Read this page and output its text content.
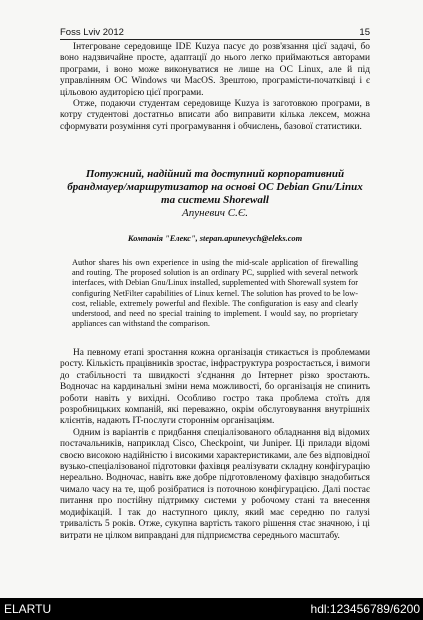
Foss Lviv 2012	15

Інтегроване середовище IDE Kuzya пасує до розв'язання цієї задачі, бо воно надзвичайне просте, адаптації до нього легко приймаються авторами програми, і воно може виконуватися не лише на ОС Linux, але й під управлінням ОС Windows чи MacOS. Зрештою, програмісти-початківці і є цільовою аудиторією цієї програми.

Отже, подаючи студентам середовище Kuzya із заготовкою програми, в котру студентові достатньо вписати або виправити кілька лексем, можна сформувати розуміння суті програмування і обчислень, базової статистики.

Потужний, надійний та доступний корпоративний брандмауер/маршрутизатор на основі ОС Debian Gnu/Linux та системи Shorewall
Апуневич С.Є.
Компанія "Елекс", stepan.apunevych@eleks.com
Author shares his own experience in using the mid-scale application of firewalling and routing. The proposed solution is an ordinary PC, supplied with several network interfaces, with Debian Gnu/Linux installed, supplemented with Shorewall system for configuring NetFilter capabilities of Linux kernel. The solution has proved to be low-cost, reliable, extremely powerful and flexible. The configuration is easy and clearly understood, and need no special training to implement. I would say, no proprietary appliances can withstand the comparison.

На певному етапі зростання кожна організація стикається із проблемами росту. Кількість працівників зростає, інфраструктура розростається, і вимоги до стабільності та швидкості з'єднання до Інтернет різко зростають. Водночас на кардинальні зміни нема можливості, бо організація не спинить роботи навіть у вихідні. Особливо гостро така проблема стоїть для розробницьких компаній, які переважно, окрім обслуговування внутрішніх клієнтів, надають IT-послуги стороннім організаціям.

Одним із варіантів є придбання спеціалізованого обладнання від відомих постачальників, наприклад Cisco, Checkpoint, чи Juniper. Ці прилади відомі своєю високою надійністю і високими характеристиками, але без відповідної вузько-спеціалізованої підготовки фахівця реалізувати складну конфігурацію нереально. Водночас, навіть вже добре підготовленому фахівцю знадобиться чимало часу на те, щоб розібратися із поточною конфігурацією. Далі постає питання про постійну підтримку системи у робочому стані та внесення модифікацій. І так до наступного циклу, який має середню по галузі тривалість 5 років. Отже, сукупна вартість такого рішення стає значною, і ці витрати не цілком виправдані для підприємства середнього масштабу.

ELARTU	hdl:123456789/6200
